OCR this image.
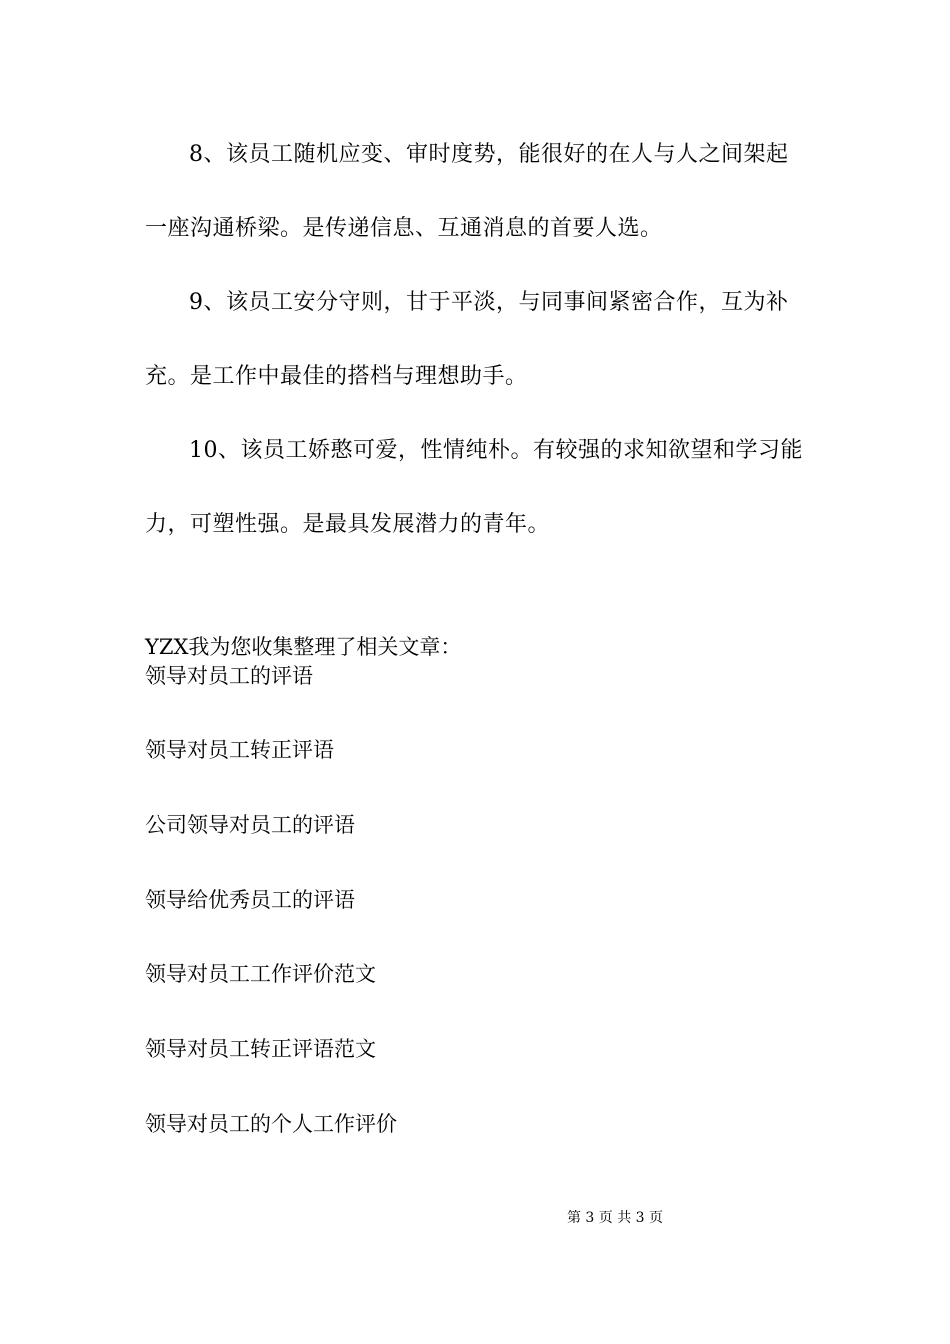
8、该员工随机应变、审时度势，能很好的在人与人之间架起一座沟通桥梁。是传递信息、互通消息的首要人选。

9、该员工安分守则，甘于平淡，与同事间紧密合作，互为补充。是工作中最佳的搭档与理想助手。

10、该员工娇憨可爱，性情纯朴。有较强的求知欲望和学习能力，可塑性强。是最具发展潜力的青年。

YZX我为您收集整理了相关文章：

领导对员工的评语

领导对员工转正评语

公司领导对员工的评语

领导给优秀员工的评语

领导对员工工作评价范文

领导对员工转正评语范文

领导对员工的个人工作评价

第 3 页 共 3 页
